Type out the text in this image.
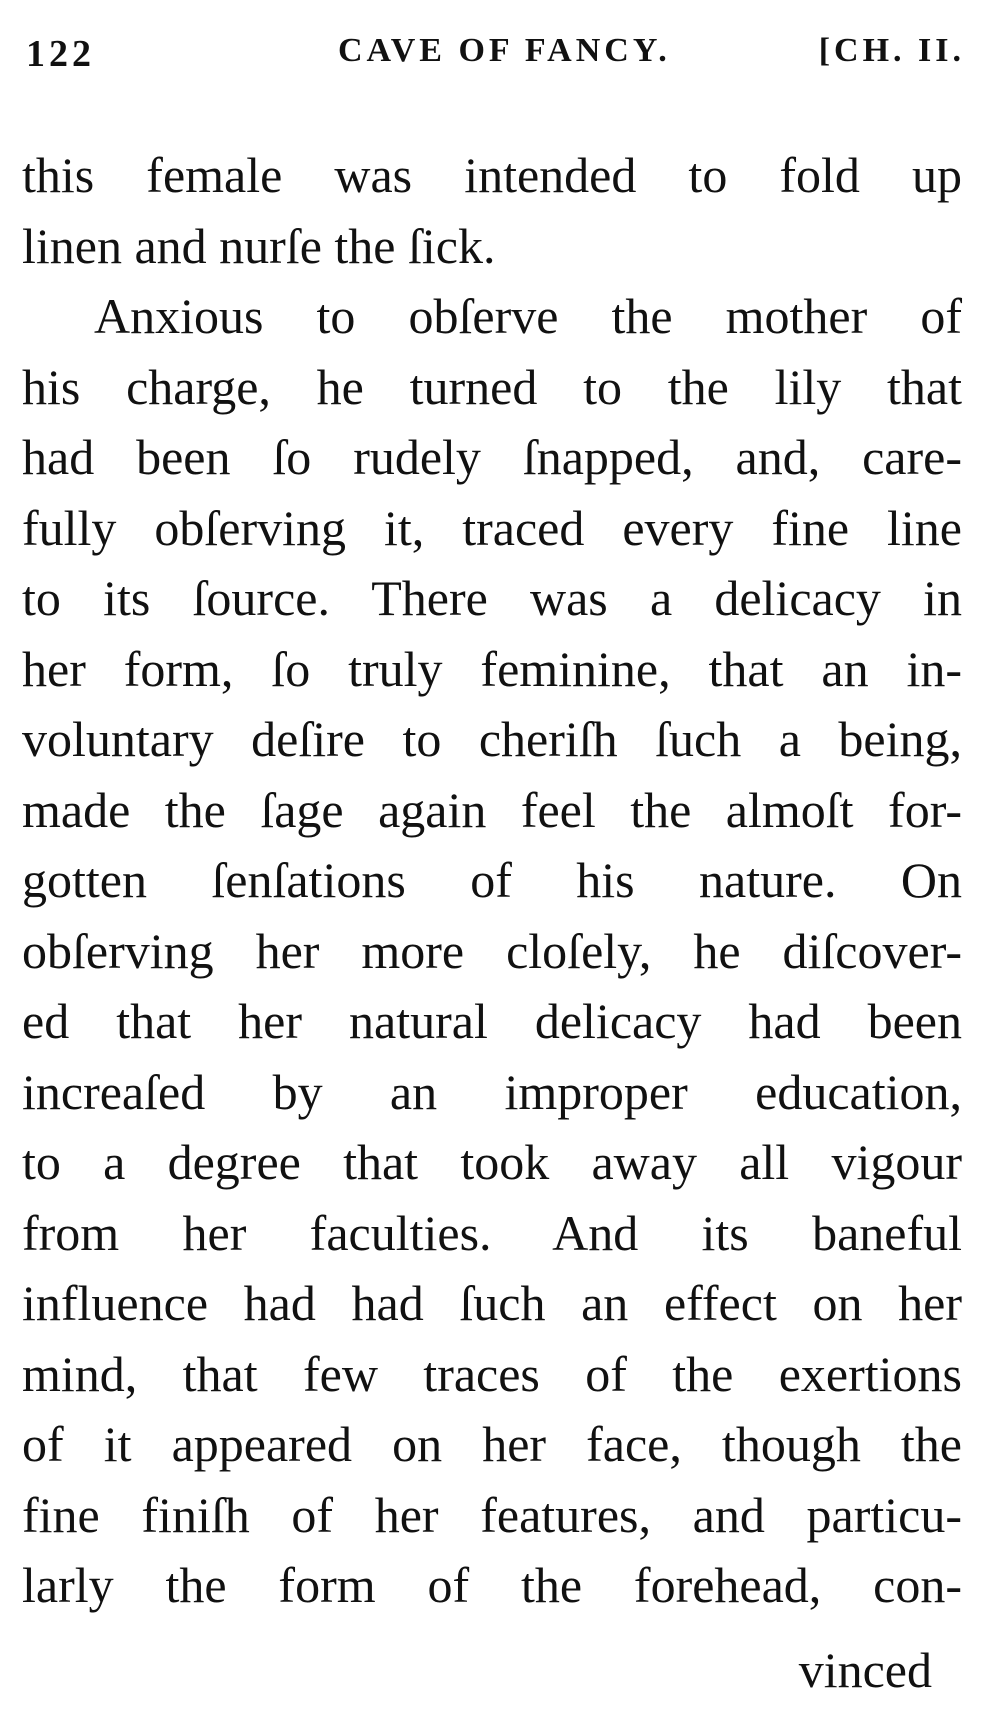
122	CAVE OF FANCY.	[CH. II.
this female was intended to fold up
linen and nurſe the ſick.
Anxious to obſerve the mother of
his charge, he turned to the lily that
had been ſo rudely ſnapped, and, care-
fully obſerving it, traced every fine line
to its ſource. There was a delicacy in
her form, ſo truly feminine, that an in-
voluntary deſire to cheriſh ſuch a being,
made the ſage again feel the almoſt for-
gotten ſenſations of his nature. On
obſerving her more cloſely, he diſcover-
ed that her natural delicacy had been
increaſed by an improper education,
to a degree that took away all vigour
from her faculties. And its baneful
influence had had ſuch an effect on her
mind, that few traces of the exertions
of it appeared on her face, though the
fine finiſh of her features, and particu-
larly the form of the forehead, con-
vinced
